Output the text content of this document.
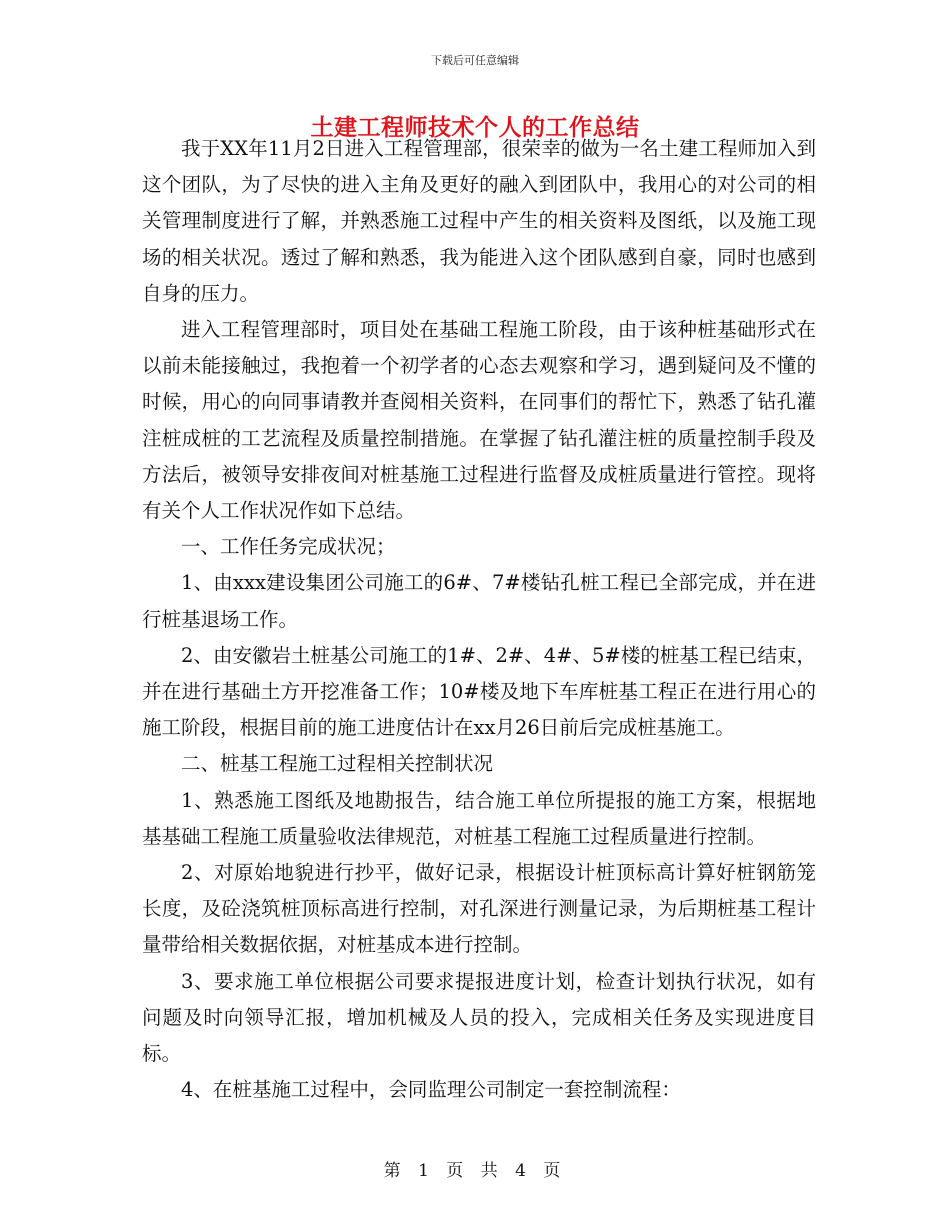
下载后可任意编辑
土建工程师技术个人的工作总结

我于XX年11月2日进入工程管理部，很荣幸的做为一名土建工程师加入到这个团队，为了尽快的进入主角及更好的融入到团队中，我用心的对公司的相关管理制度进行了解，并熟悉施工过程中产生的相关资料及图纸，以及施工现场的相关状况。透过了解和熟悉，我为能进入这个团队感到自豪，同时也感到自身的压力。

进入工程管理部时，项目处在基础工程施工阶段，由于该种桩基础形式在以前未能接触过，我抱着一个初学者的心态去观察和学习，遇到疑问及不懂的时候，用心的向同事请教并查阅相关资料，在同事们的帮忙下，熟悉了钻孔灌注桩成桩的工艺流程及质量控制措施。在掌握了钻孔灌注桩的质量控制手段及方法后，被领导安排夜间对桩基施工过程进行监督及成桩质量进行管控。现将有关个人工作状况作如下总结。

一、工作任务完成状况；

1、由xxx建设集团公司施工的6#、7#楼钻孔桩工程已全部完成，并在进行桩基退场工作。

2、由安徽岩土桩基公司施工的1#、2#、4#、5#楼的桩基工程已结束，并在进行基础土方开挖准备工作；10#楼及地下车库桩基工程正在进行用心的施工阶段，根据目前的施工进度估计在xx月26日前后完成桩基施工。

二、桩基工程施工过程相关控制状况

1、熟悉施工图纸及地勘报告，结合施工单位所提报的施工方案，根据地基基础工程施工质量验收法律规范，对桩基工程施工过程质量进行控制。

2、对原始地貌进行抄平，做好记录，根据设计桩顶标高计算好桩钢筋笼长度，及砼浇筑桩顶标高进行控制，对孔深进行测量记录，为后期桩基工程计量带给相关数据依据，对桩基成本进行控制。

3、要求施工单位根据公司要求提报进度计划，检查计划执行状况，如有问题及时向领导汇报，增加机械及人员的投入，完成相关任务及实现进度目标。

4、在桩基施工过程中，会同监理公司制定一套控制流程：

第 1 页 共 4 页
